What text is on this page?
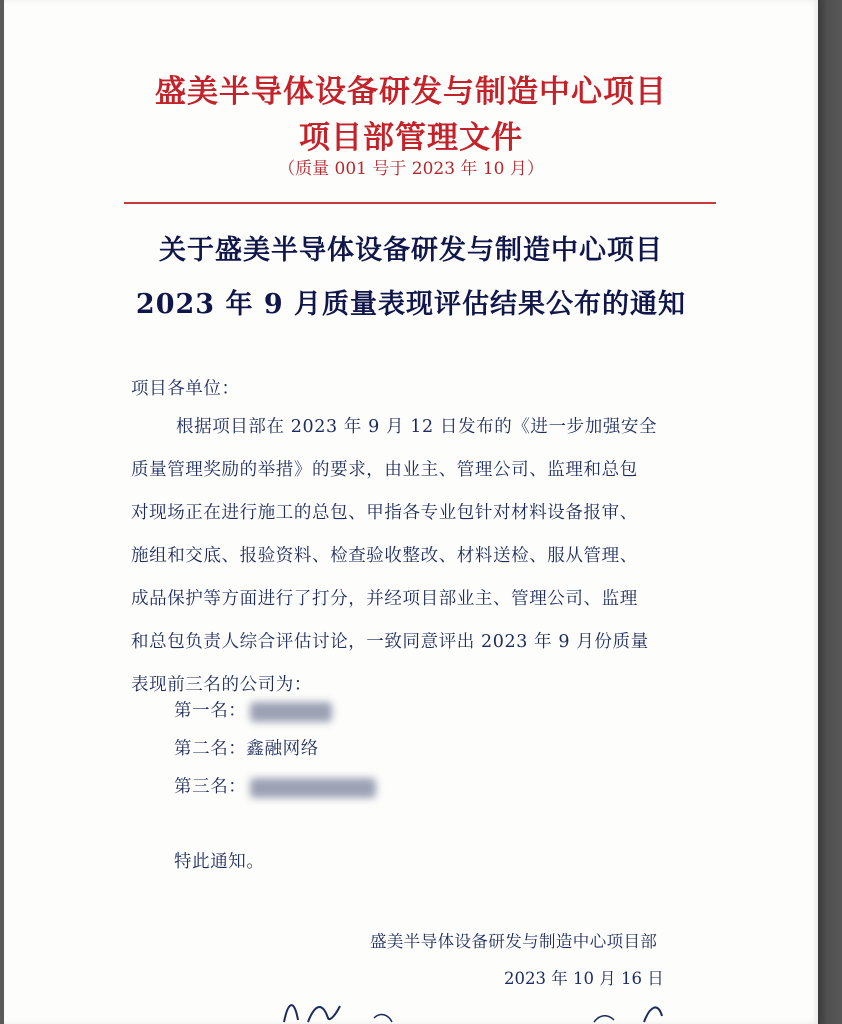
盛美半导体设备研发与制造中心项目
项目部管理文件
（质量 001 号于 2023 年 10 月）
关于盛美半导体设备研发与制造中心项目
2023 年 9 月质量表现评估结果公布的通知
项目各单位：
根据项目部在 2023 年 9 月 12 日发布的《进一步加强安全
质量管理奖励的举措》的要求，由业主、管理公司、监理和总包
对现场正在进行施工的总包、甲指各专业包针对材料设备报审、
施组和交底、报验资料、检查验收整改、材料送检、服从管理、
成品保护等方面进行了打分，并经项目部业主、管理公司、监理
和总包负责人综合评估讨论，一致同意评出 2023 年 9 月份质量
表现前三名的公司为：
第一名：
第二名：鑫融网络
第三名：
特此通知。
盛美半导体设备研发与制造中心项目部
2023 年 10 月 16 日
